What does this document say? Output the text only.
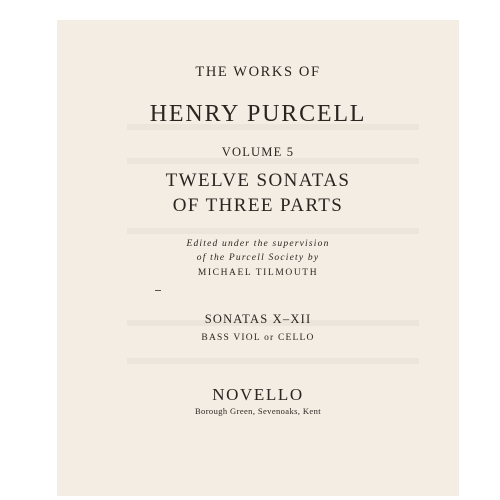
THE WORKS OF
HENRY PURCELL
VOLUME 5
TWELVE SONATAS
OF THREE PARTS
Edited under the supervision
of the Purcell Society by
MICHAEL TILMOUTH
SONATAS X–XII
BASS VIOL or CELLO
NOVELLO
Borough Green, Sevenoaks, Kent
